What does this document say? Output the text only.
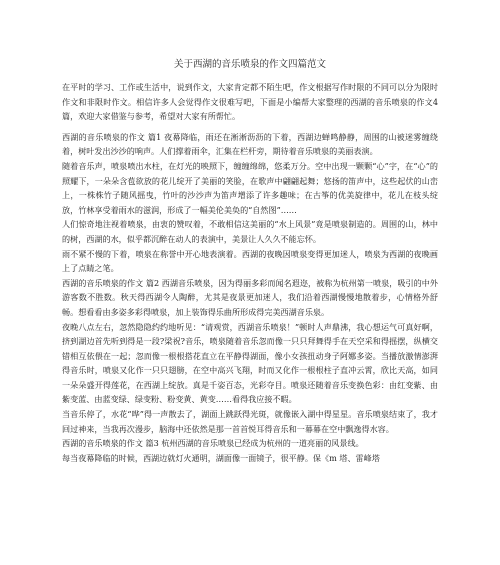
关于西湖的音乐喷泉的作文四篇范文

在平时的学习、工作或生活中，说到作文，大家肯定都不陌生吧，作文根据写作时限的不同可以分为限时作文和非限时作文。相信许多人会觉得作文很难写吧，下面是小编帮大家整理的西湖的音乐喷泉的作文4篇，欢迎大家借鉴与参考，希望对大家有所帮忙。

西湖的音乐喷泉的作文 篇1 夜幕降临，雨还在淅淅沥沥的下着，西湖边蝉鸣静静，周围的山被迷雾缠绕着，树叶发出沙沙的响声。人们撑着雨伞，汇集在栏杆旁，期待着音乐喷泉的美丽表演。

随着音乐声，喷泉喷出水柱，在灯光的映照下，缠缠绵绵，悠柔万分。空中出现一颗颗“心”字，在“心”的照耀下，一朵朵含苞欲放的花儿绽开了美丽的笑脸，在歌声中翩翩起舞；悠扬的笛声中，这些起伏的山峦上，一株株竹子随风摇曳，竹叶的沙沙声为笛声增添了许多趣味；在古筝的优美旋律中，花儿在枝头绽放，竹林享受着雨水的滋润，形成了一幅美伦美奂的“自然图”……

人们惊奇地注视着喷泉，由衷的赞叹着，不敢相信这美丽的“水上风景”竟是喷泉制造的。周围的山，林中的树，西湖的水，似乎都沉醉在动人的表演中，美景让人久久不能忘怀。

雨不紧不慢的下着，喷泉在称誉中开心地表演着。西湖的夜晚因喷泉变得更加迷人，喷泉为西湖的夜晚画上了点睛之笔。

西湖的音乐喷泉的作文 篇2 西湖音乐喷泉，因为得丽多彩而闻名遐迩，被称为杭州第一喷泉，吸引的中外游客数不胜数。秋天得西湖令人陶醉，尤其是夜景更加迷人，我们沿着西湖慢慢地散着步，心情格外舒畅。想看看由多姿多彩得喷泉，加上装饰得乐曲所形成得完美西湖音乐泉。

夜晚八点左右，忽然隐隐约约地听见：“请观赏，西湖音乐喷泉！”顿时人声鼎沸，我心想运气可真好啊，挤到湖边首先听到得是一段?梁祝?音乐，喷泉随着音乐忽而像一只只拜舞得手在天空采和得摇摆，纵横交错相互依偎在一起；忽而像一根根搭花直立在平静得湖面，像小女孩扭动身子阿娜多姿。当播放激情澎湃得音乐时，喷泉又化作一只只翅膀，在空中高兴飞翔，时而又化作一根根柱子直冲云霄，欣比天高，如同一朵朵盛开得莲花，在西湖上绽放。真是千姿百态，光彩夺目。喷泉还随着音乐变换色彩：由红变紫、由紫变蓝、由蓝变绿、绿变粉、粉变黄、黄变……看得我应接不暇。

当音乐停了，水花“哗”得一声散去了，湖面上跳跃得光斑，就像嵌入湖中得星星。音乐喷泉结束了，我才回过神来，当我再次漫步，脑海中还依然是那一首首悦耳得音乐和一幕幕在空中飘逸得水容。

西湖的音乐喷泉的作文 篇3 杭州西湖的音乐喷泉已经成为杭州的一道亮丽的风景线。

每当夜幕降临的时候，西湖边就灯火通明，湖面像一面镜子，很平静。保《m 塔、雷峰塔
